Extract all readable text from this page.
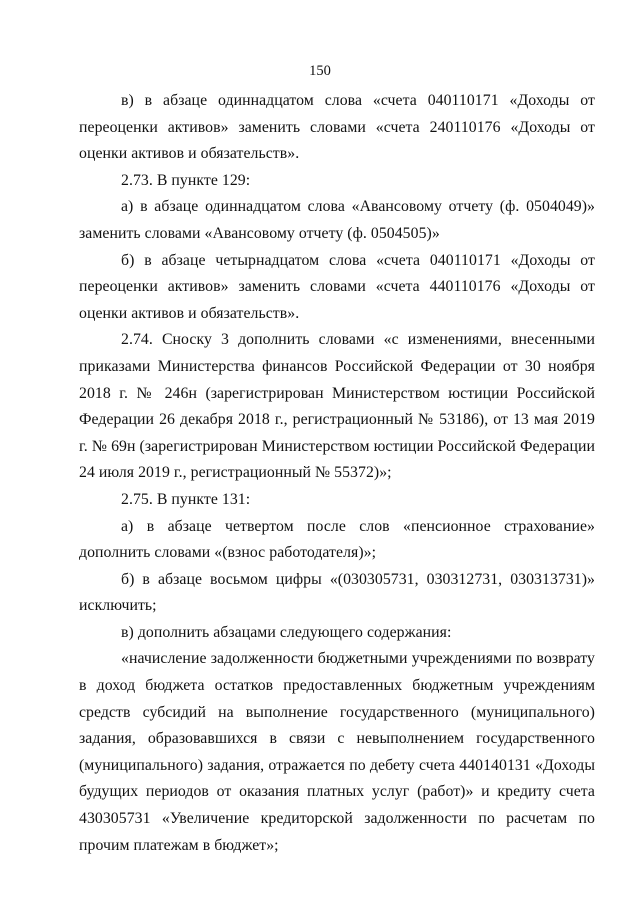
150

в) в абзаце одиннадцатом слова «счета 040110171 «Доходы от переоценки активов» заменить словами «счета 240110176 «Доходы от оценки активов и обязательств».

2.73. В пункте 129:

а) в абзаце одиннадцатом слова «Авансовому отчету (ф. 0504049)» заменить словами «Авансовому отчету (ф. 0504505)»

б) в абзаце четырнадцатом слова «счета 040110171 «Доходы от переоценки активов» заменить словами «счета 440110176 «Доходы от оценки активов и обязательств».

2.74. Сноску 3 дополнить словами «с изменениями, внесенными приказами Министерства финансов Российской Федерации от 30 ноября 2018 г. № 246н (зарегистрирован Министерством юстиции Российской Федерации 26 декабря 2018 г., регистрационный № 53186), от 13 мая 2019 г. № 69н (зарегистрирован Министерством юстиции Российской Федерации 24 июля 2019 г., регистрационный № 55372)»;

2.75. В пункте 131:

а) в абзаце четвертом после слов «пенсионное страхование» дополнить словами «(взнос работодателя)»;

б) в абзаце восьмом цифры «(030305731, 030312731, 030313731)» исключить;

в) дополнить абзацами следующего содержания:

«начисление задолженности бюджетными учреждениями по возврату в доход бюджета остатков предоставленных бюджетным учреждениям средств субсидий на выполнение государственного (муниципального) задания, образовавшихся в связи с невыполнением государственного (муниципального) задания, отражается по дебету счета 440140131 «Доходы будущих периодов от оказания платных услуг (работ)» и кредиту счета 430305731 «Увеличение кредиторской задолженности по расчетам по прочим платежам в бюджет»;
